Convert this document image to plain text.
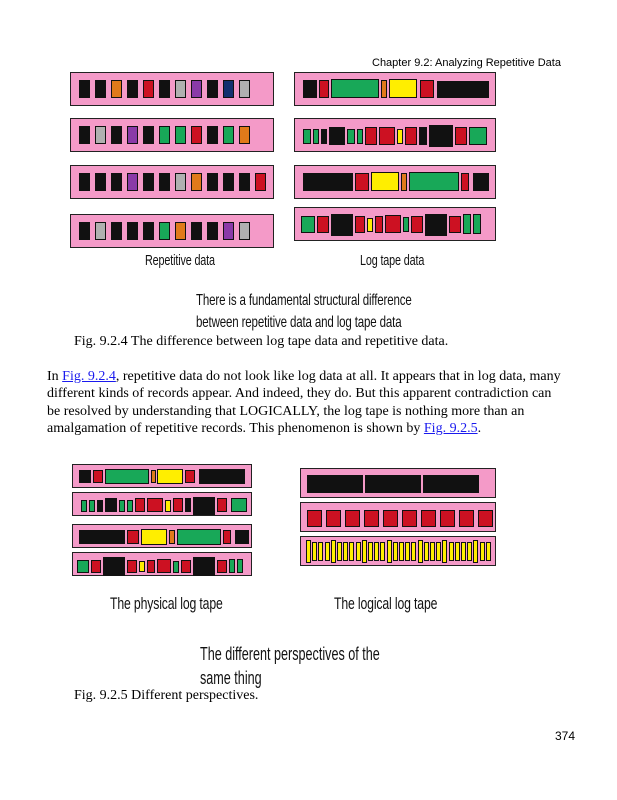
Chapter 9.2: Analyzing Repetitive Data
Repetitive data	Log tape data
There is a fundamental structural difference
between repetitive data and log tape data
Fig. 9.2.4 The difference between log tape data and repetitive data.
In Fig. 9.2.4, repetitive data do not look like log data at all. It appears that in log data, many different kinds of records appear. And indeed, they do. But this apparent contradiction can be resolved by understanding that LOGICALLY, the log tape is nothing more than an amalgamation of repetitive records. This phenomenon is shown by Fig. 9.2.5.
The physical log tape	The logical log tape
The different perspectives of the
same thing
Fig. 9.2.5 Different perspectives.
374
